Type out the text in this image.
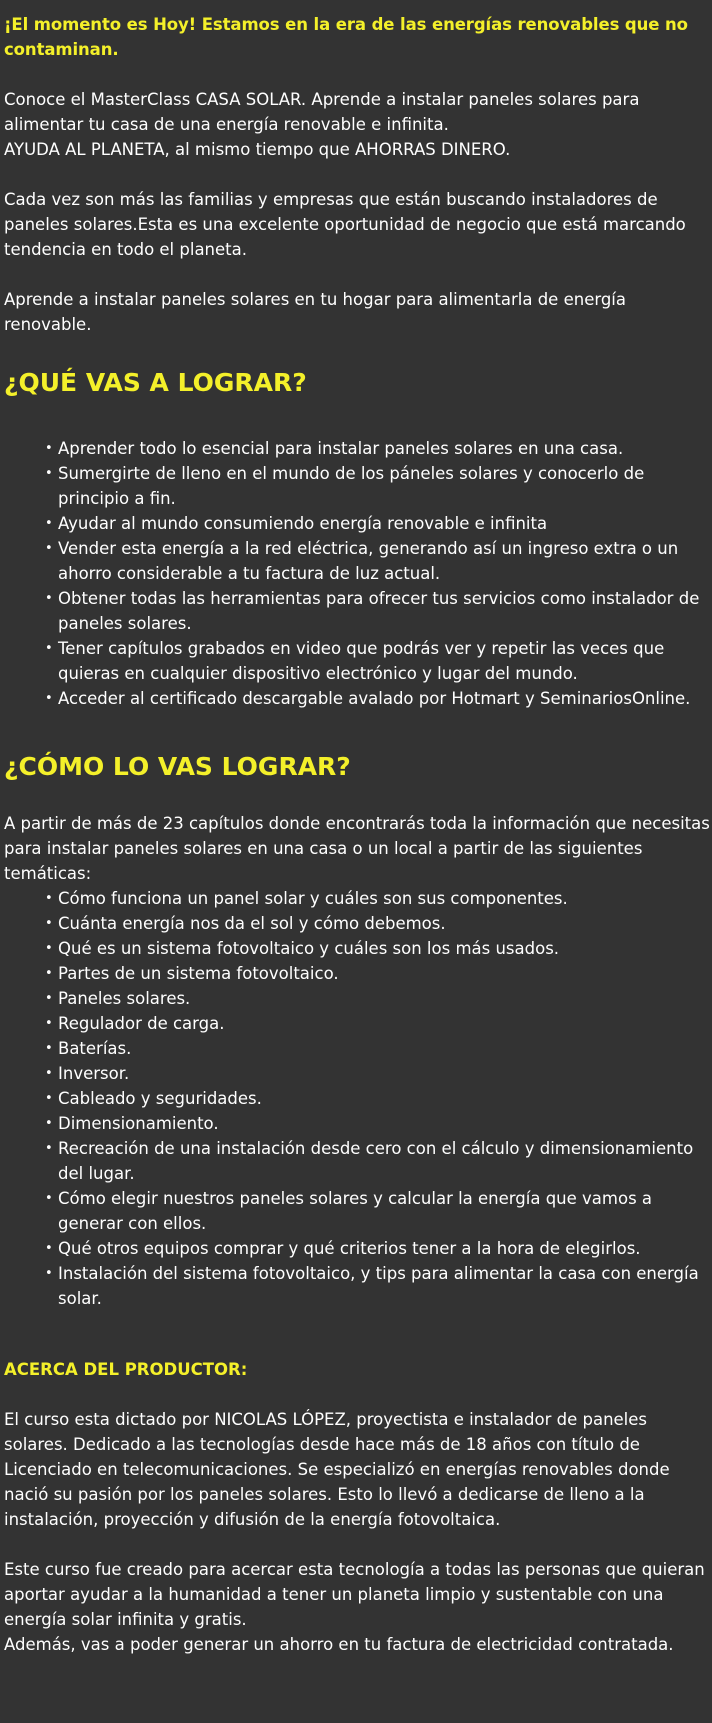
¡El momento es Hoy! Estamos en la era de las energías renovables que no contaminan.

Conoce el MasterClass CASA SOLAR. Aprende a instalar paneles solares para alimentar tu casa de una energía renovable e infinita.

AYUDA AL PLANETA, al mismo tiempo que AHORRAS DINERO.

Cada vez son más las familias y empresas que están buscando instaladores de paneles solares.Esta es una excelente oportunidad de negocio que está marcando tendencia en todo el planeta.

Aprende a instalar paneles solares en tu hogar para alimentarla de energía renovable.

¿QUÉ VAS A LOGRAR?
• Aprender todo lo esencial para instalar paneles solares en una casa.
• Sumergirte de lleno en el mundo de los páneles solares y conocerlo de principio a fin.
• Ayudar al mundo consumiendo energía renovable e infinita
• Vender esta energía a la red eléctrica, generando así un ingreso extra o un ahorro considerable a tu factura de luz actual.
• Obtener todas las herramientas para ofrecer tus servicios como instalador de paneles solares.
• Tener capítulos grabados en video que podrás ver y repetir las veces que quieras en cualquier dispositivo electrónico y lugar del mundo.
• Acceder al certificado descargable avalado por Hotmart y SeminariosOnline.
¿CÓMO LO VAS LOGRAR?

A partir de más de 23 capítulos donde encontrarás toda la información que necesitas para instalar paneles solares en una casa o un local a partir de las siguientes temáticas:

• Cómo funciona un panel solar y cuáles son sus componentes.
• Cuánta energía nos da el sol y cómo debemos.
• Qué es un sistema fotovoltaico y cuáles son los más usados.
• Partes de un sistema fotovoltaico.
• Paneles solares.
• Regulador de carga.
• Baterías.
• Inversor.
• Cableado y seguridades.
• Dimensionamiento.
• Recreación de una instalación desde cero con el cálculo y dimensionamiento del lugar.
• Cómo elegir nuestros paneles solares y calcular la energía que vamos a generar con ellos.
• Qué otros equipos comprar y qué criterios tener a la hora de elegirlos.
• Instalación del sistema fotovoltaico, y tips para alimentar la casa con energía solar.
ACERCA DEL PRODUCTOR:

El curso esta dictado por NICOLAS LÓPEZ, proyectista e instalador de paneles solares. Dedicado a las tecnologías desde hace más de 18 años con título de Licenciado en telecomunicaciones. Se especializó en energías renovables donde nació su pasión por los paneles solares. Esto lo llevó a dedicarse de lleno a la instalación, proyección y difusión de la energía fotovoltaica.

Este curso fue creado para acercar esta tecnología a todas las personas que quieran aportar ayudar a la humanidad a tener un planeta limpio y sustentable con una energía solar infinita y gratis.

Además, vas a poder generar un ahorro en tu factura de electricidad contratada.
